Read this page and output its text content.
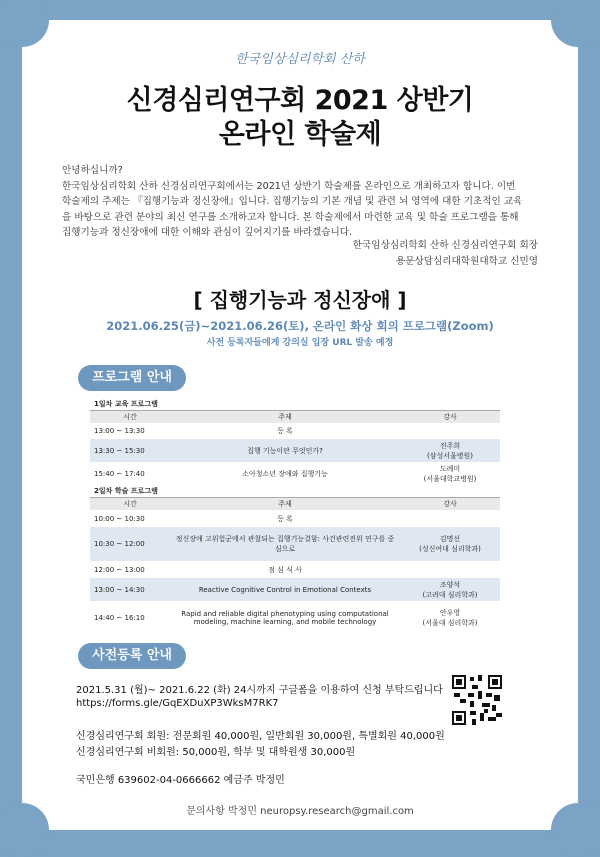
한국임상심리학회 산하
신경심리연구회 2021 상반기
온라인 학술제

안녕하십니까?

한국임상심리학회 산하 신경심리연구회에서는 2021년 상반기 학술제를 온라인으로 개최하고자 합니다. 이번

학술제의 주제는 『집행기능과 정신장애』입니다. 집행기능의 기본 개념 및 관련 뇌 영역에 대한 기초적인 교육

을 바탕으로 관련 분야의 최신 연구를 소개하고자 합니다. 본 학술제에서 마련한 교육 및 학술 프로그램을 통해

집행기능과 정신장애에 대한 이해와 관심이 깊어지기를 바라겠습니다.

한국임상심리학회 산하 신경심리연구회 회장
용문상담심리대학원대학교 신민영
[ 집행기능과 정신장애 ]
2021.06.25(금)~2021.06.26(토), 온라인 화상 회의 프로그램(Zoom)
사전 등록자들에게 강의실 입장 URL 발송 예정
프로그램 안내
1일차 교육 프로그램		
시간	주제	강사
13:00 ~ 13:30	등 록	
13:30 ~ 15:30	집행 기능이란 무엇인가?	진주희
(삼성서울병원)

15:40 ~ 17:40	소아청소년 장애와 집행기능	도례미
(서울대학교병원)

2일차 학술 프로그램		
시간	주제	강사
10:00 ~ 10:30	등 록	
10:30 ~ 12:00	정신장애 고위험군에서 관찰되는 집행기능결함: 사건관련전위 연구를 중심으로	김명선
(성신여대 심리학과)

12:00 ~ 13:00	점 심 식 사	
13:00 ~ 14:30	Reactive Cognitive Control in Emotional Contexts	조양석
(고려대 심리학과)

14:40 ~ 16:10	Rapid and reliable digital phenotyping using computational modeling, machine learning, and mobile technology	안우영
(서울대 심리학과)
사전등록 안내
2021.5.31 (월)~ 2021.6.22 (화) 24시까지 구글폼을 이용하여 신청 부탁드립니다
https://forms.gle/GqEXDuXP3WksM7RK7
신경심리연구회 회원: 전문회원 40,000원, 일반회원 30,000원, 특별회원 40,000원
신경심리연구회 비회원: 50,000원, 학부 및 대학원생 30,000원
국민은행 639602-04-0666662 예금주 박정민
문의사항 박정민 neuropsy.research@gmail.com
